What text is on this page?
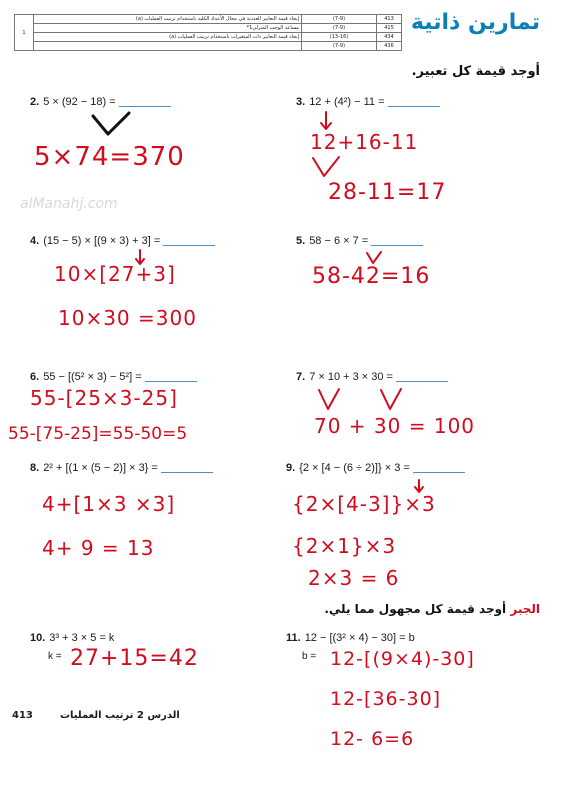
1	إيجاد قيمة التعابير العددية في مجال الأعداد الكلية باستخدام ترتيب العمليات (a)	(7-9)	413
	مساعد الوجب المنزلي1*	(7-9)	415
	إيجاد قيمة التعابير ذات المتغيرات باستخدام ترتيب العمليات (a)	(13-16)	434
		(7-9)	436
تمارين ذاتية
أوجد قيمة كل تعبير.
alManahj.com
2. 5 × (92 − 18) =
5×74=370
3. 12 + (4²) − 11 =
12+16-11
28-11=17
4. (15 − 5) × [(9 × 3) + 3] =
10×[27+3]
10×30 =300
5. 58 − 6 × 7 =
58-42=16
6. 55 − [(5² × 3) − 5²] =
55-[25×3-25]
55-[75-25]=55-50=5
7. 7 × 10 + 3 × 30 =
70 + 30 = 100
8. 2² + [(1 × (5 − 2)] × 3} =
4+[1×3 ×3]
4+ 9 = 13
9. {2 × [4 − (6 ÷ 2)]} × 3 =
{2×[4-3]}×3
{2×1}×3
2×3 = 6
الجبر أوجد قيمة كل مجهول مما يلي.
10. 3³ + 3 × 5 = k
k = 27+15=42
11. 12 − [(3² × 4) − 30] = b
b = 12-[(9×4)-30]
12-[36-30]
12- 6=6
413	الدرس 2 ترتيب العمليات
